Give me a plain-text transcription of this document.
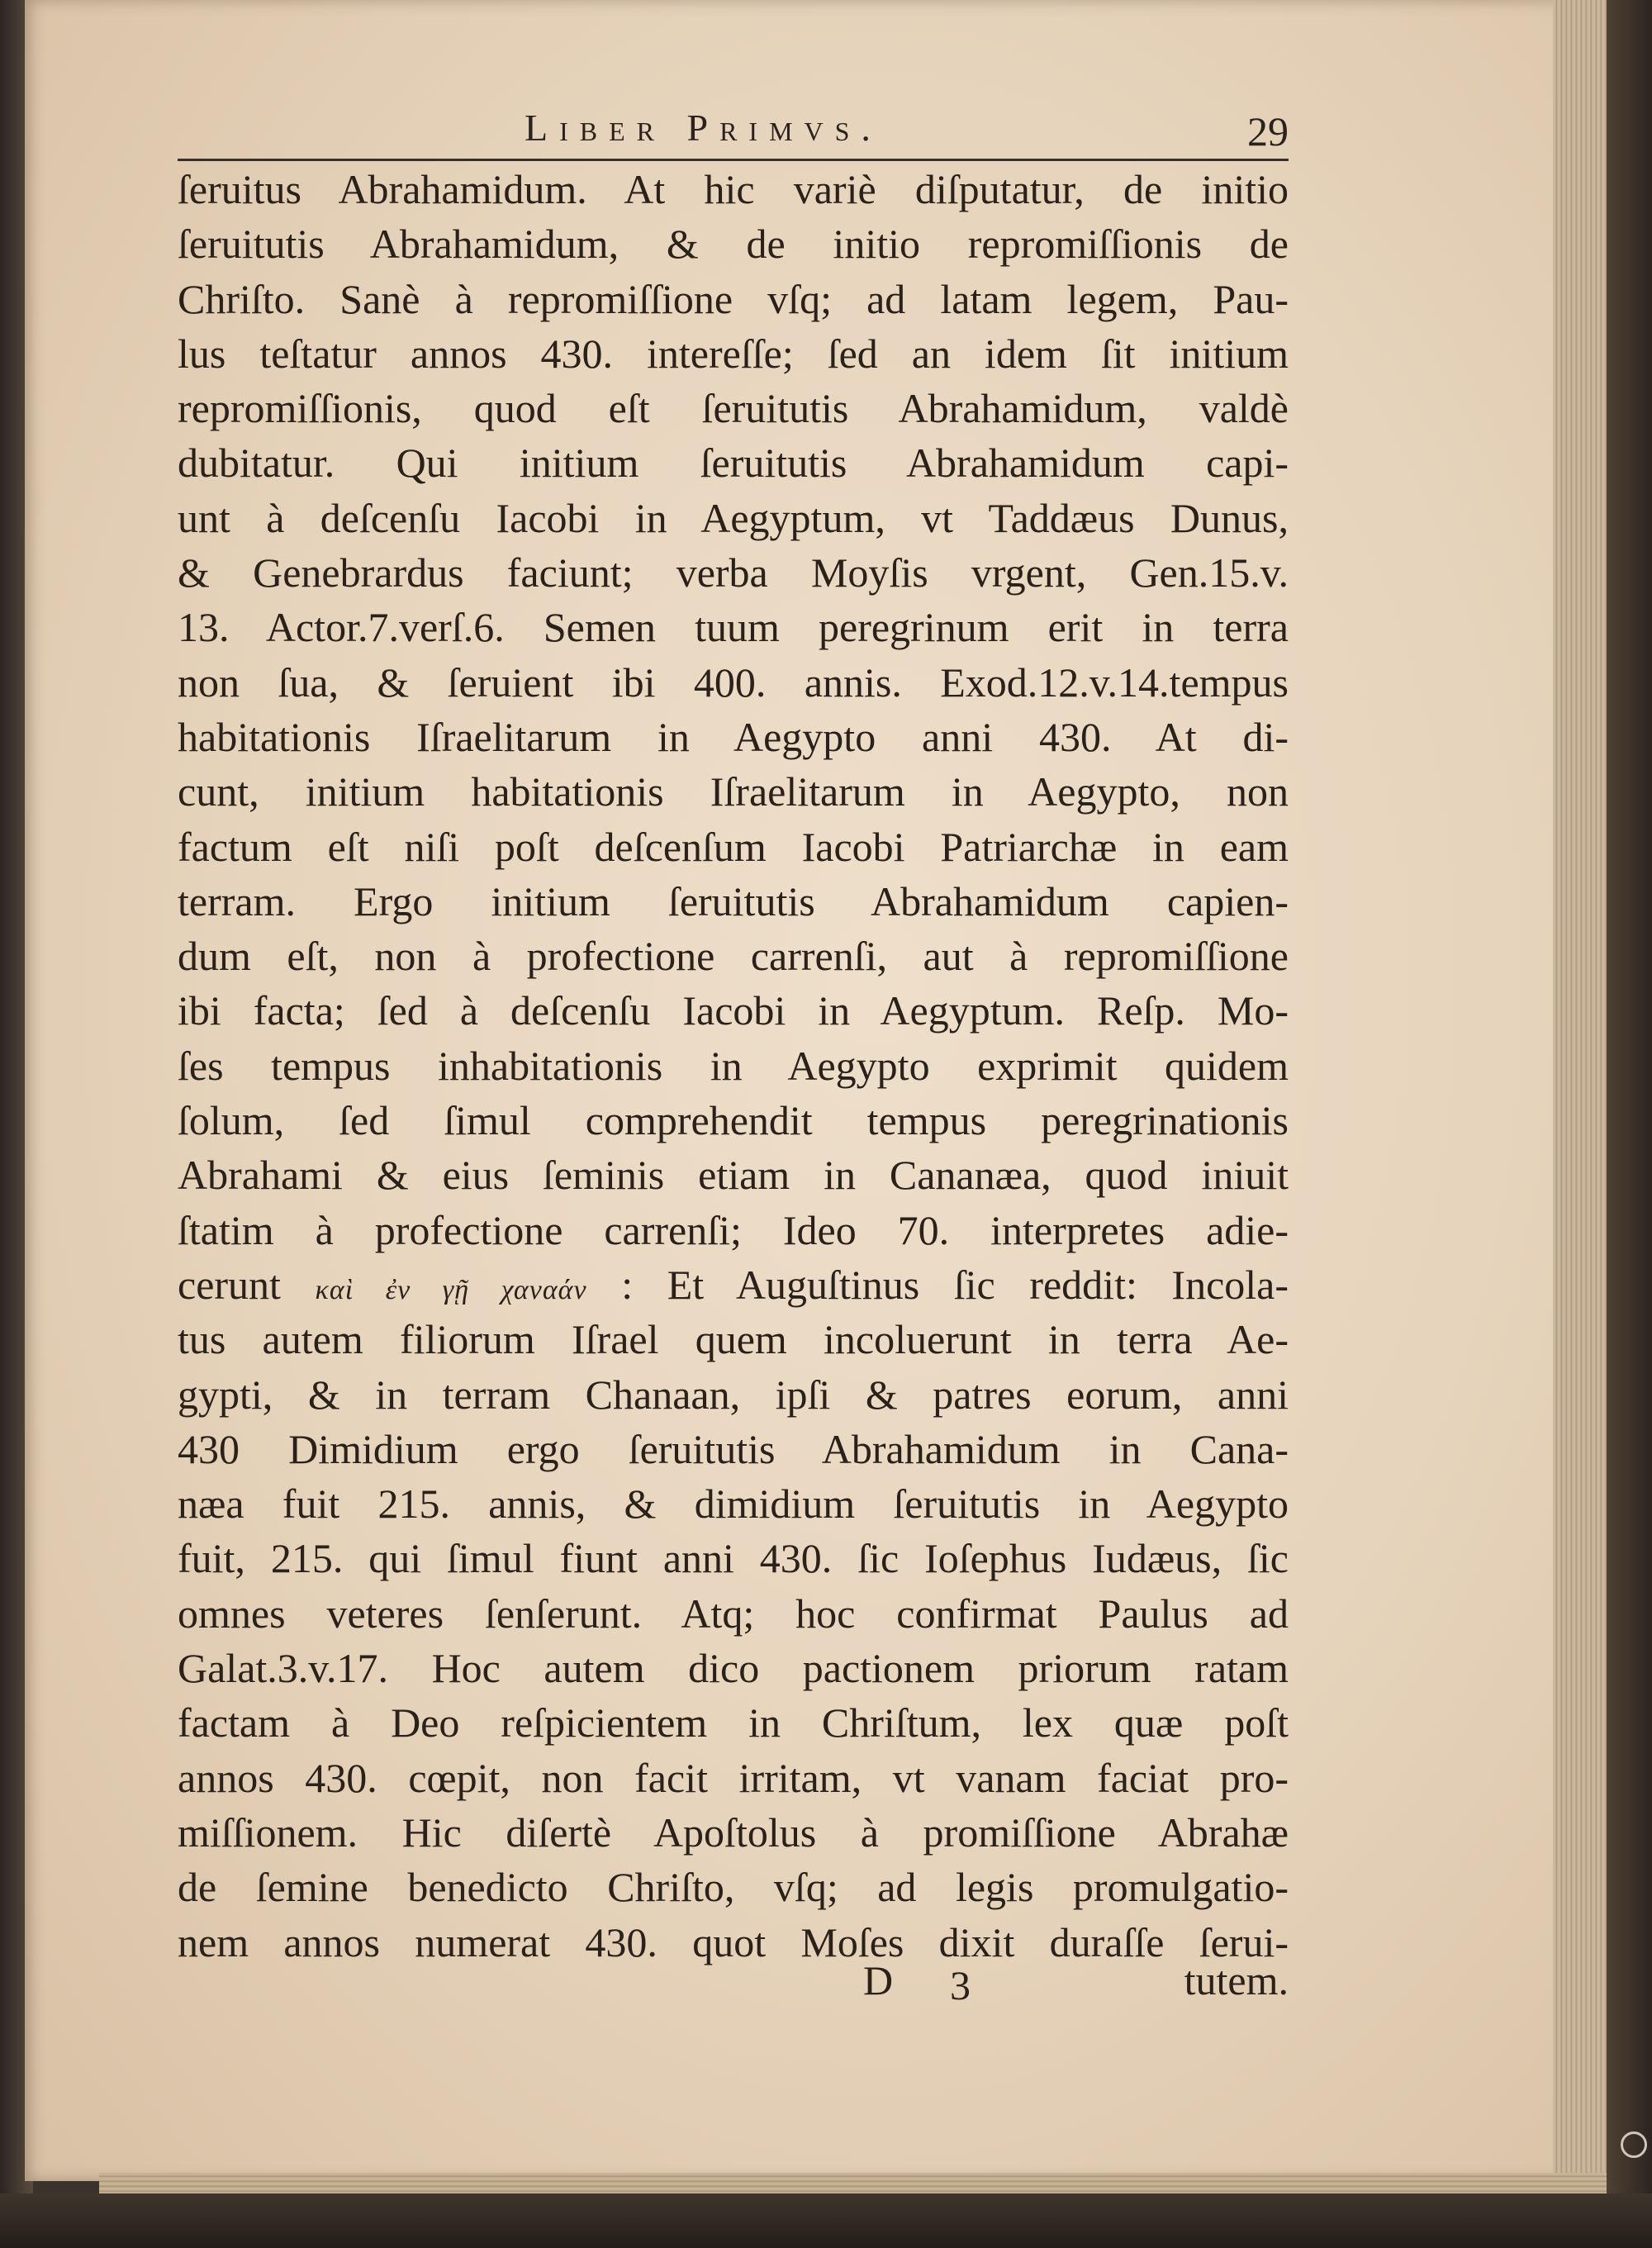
Liber Primvs.	29
ſeruitus Abrahamidum. At hic variè diſputatur, de initio
ſeruitutis Abrahamidum, & de initio repromiſſionis de
Chriſto. Sanè à repromiſſione vſq; ad latam legem, Pau-
lus teſtatur annos 430. intereſſe; ſed an idem ſit initium
repromiſſionis, quod eſt ſeruitutis Abrahamidum, valdè
dubitatur. Qui initium ſeruitutis Abrahamidum capi-
unt à deſcenſu Iacobi in Aegyptum, vt Taddæus Dunus,
& Genebrardus faciunt; verba Moyſis vrgent, Gen.15.v.
13. Actor.7.verſ.6. Semen tuum peregrinum erit in terra
non ſua, & ſeruient ibi 400. annis. Exod.12.v.14.tempus
habitationis Iſraelitarum in Aegypto anni 430. At di-
cunt, initium habitationis Iſraelitarum in Aegypto, non
factum eſt niſi poſt deſcenſum Iacobi Patriarchæ in eam
terram. Ergo initium ſeruitutis Abrahamidum capien-
dum eſt, non à profectione carrenſi, aut à repromiſſione
ibi facta; ſed à deſcenſu Iacobi in Aegyptum. Reſp. Mo-
ſes tempus inhabitationis in Aegypto exprimit quidem
ſolum, ſed ſimul comprehendit tempus peregrinationis
Abrahami & eius ſeminis etiam in Cananæa, quod iniuit
ſtatim à profectione carrenſi; Ideo 70. interpretes adie-
cerunt καὶ ἐν γῇ χαναάν : Et Auguſtinus ſic reddit: Incola-
tus autem filiorum Iſrael quem incoluerunt in terra Ae-
gypti, & in terram Chanaan, ipſi & patres eorum, anni
430 Dimidium ergo ſeruitutis Abrahamidum in Cana-
næa fuit 215. annis, & dimidium ſeruitutis in Aegypto
fuit, 215. qui ſimul fiunt anni 430. ſic Ioſephus Iudæus, ſic
omnes veteres ſenſerunt. Atq; hoc confirmat Paulus ad
Galat.3.v.17. Hoc autem dico pactionem priorum ratam
factam à Deo reſpicientem in Chriſtum, lex quæ poſt
annos 430. cœpit, non facit irritam, vt vanam faciat pro-
miſſionem. Hic diſertè Apoſtolus à promiſſione Abrahæ
de ſemine benedicto Chriſto, vſq; ad legis promulgatio-
nem annos numerat 430. quot Moſes dixit duraſſe ſerui-
D 3	tutem.
